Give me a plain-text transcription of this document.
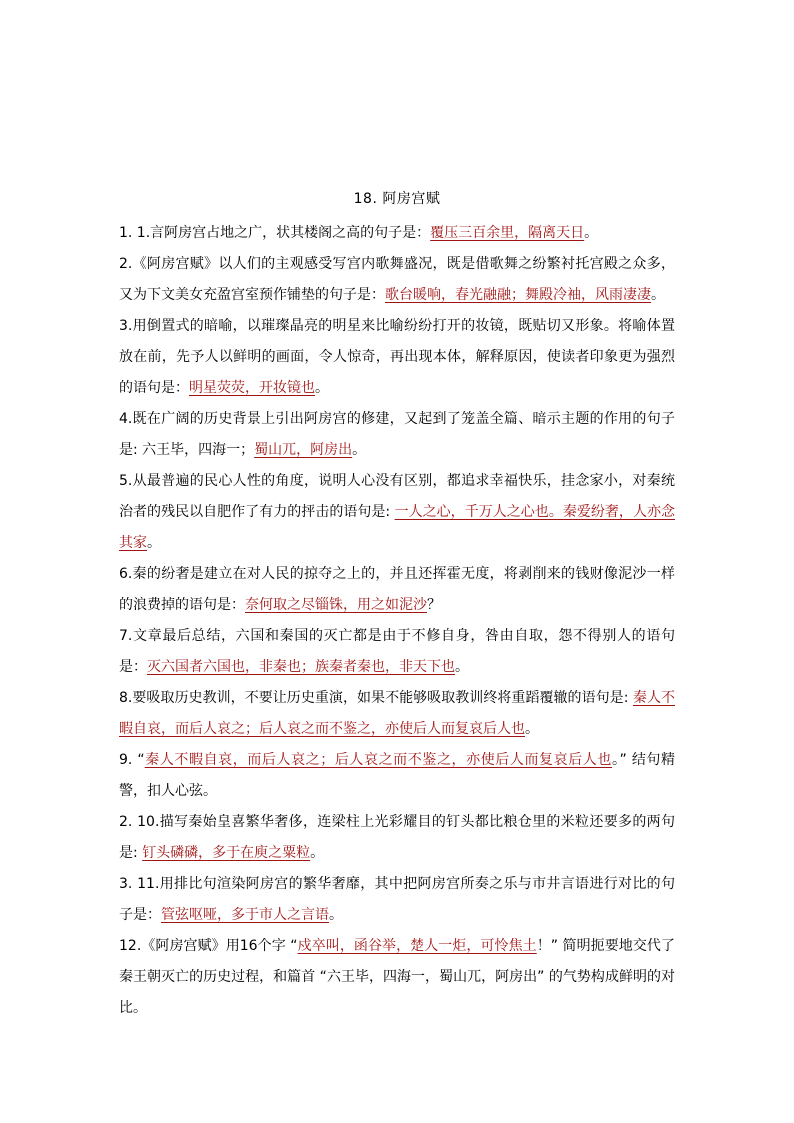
18. 阿房宫赋

1. 1.言阿房宫占地之广，状其楼阁之高的句子是：覆压三百余里，隔离天日。

2.《阿房宫赋》以人们的主观感受写宫内歌舞盛况，既是借歌舞之纷繁衬托宫殿之众多，又为下文美女充盈宫室预作铺垫的句子是：歌台暖响，春光融融；舞殿冷袖，风雨凄凄。

3.用倒置式的暗喻，以璀璨晶亮的明星来比喻纷纷打开的妆镜，既贴切又形象。将喻体置放在前，先予人以鲜明的画面，令人惊奇，再出现本体，解释原因，使读者印象更为强烈的语句是：明星荧荧，开妆镜也。

4.既在广阔的历史背景上引出阿房宫的修建，又起到了笼盖全篇、暗示主题的作用的句子是: 六王毕，四海一；蜀山兀，阿房出。

5.从最普遍的民心人性的角度，说明人心没有区别，都追求幸福快乐，挂念家小，对秦统治者的残民以自肥作了有力的抨击的语句是: 一人之心，千万人之心也。秦爱纷奢，人亦念其家。

6.秦的纷奢是建立在对人民的掠夺之上的，并且还挥霍无度，将剥削来的钱财像泥沙一样的浪费掉的语句是：奈何取之尽锱铢，用之如泥沙？

7.文章最后总结，六国和秦国的灭亡都是由于不修自身，咎由自取，怨不得别人的语句是：灭六国者六国也，非秦也；族秦者秦也，非天下也。

8.要吸取历史教训，不要让历史重演，如果不能够吸取教训终将重蹈覆辙的语句是: 秦人不暇自哀，而后人哀之；后人哀之而不鉴之，亦使后人而复哀后人也。

9. “秦人不暇自哀，而后人哀之；后人哀之而不鉴之，亦使后人而复哀后人也。” 结句精警，扣人心弦。

2. 10.描写秦始皇喜繁华奢侈，连梁柱上光彩耀目的钉头都比粮仓里的米粒还要多的两句是: 钉头磷磷，多于在庾之粟粒。

3. 11.用排比句渲染阿房宫的繁华奢靡，其中把阿房宫所奏之乐与市井言语进行对比的句子是：管弦呕哑，多于市人之言语。

12.《阿房宫赋》用16个字 “戍卒叫，函谷举，楚人一炬，可怜焦土！” 简明扼要地交代了秦王朝灭亡的历史过程，和篇首 “六王毕，四海一，蜀山兀，阿房出” 的气势构成鲜明的对比。
